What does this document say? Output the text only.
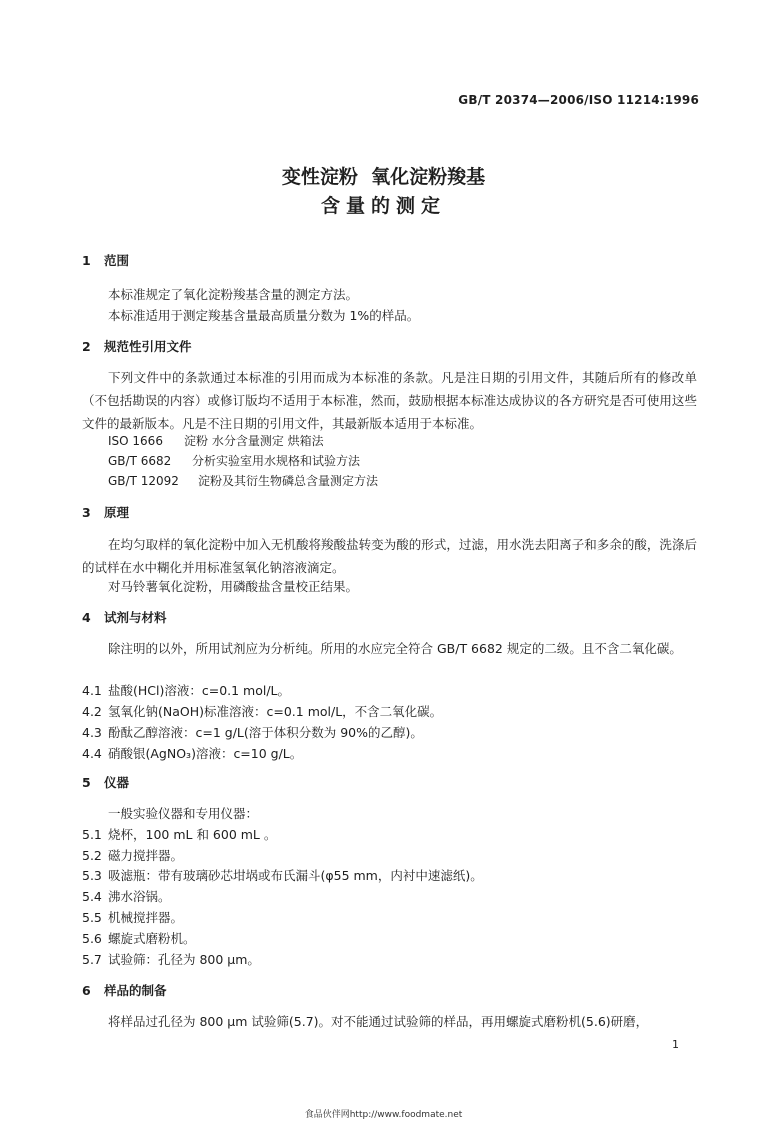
GB/T 20374—2006/ISO 11214:1996
变性淀粉  氧化淀粉羧基
含量的测定
1 范围
本标准规定了氧化淀粉羧基含量的测定方法。
本标准适用于测定羧基含量最高质量分数为 1%的样品。
2 规范性引用文件
下列文件中的条款通过本标准的引用而成为本标准的条款。凡是注日期的引用文件，其随后所有的修改单（不包括勘误的内容）或修订版均不适用于本标准，然而，鼓励根据本标准达成协议的各方研究是否可使用这些文件的最新版本。凡是不注日期的引用文件，其最新版本适用于本标准。
ISO 1666 淀粉 水分含量测定 烘箱法
GB/T 6682 分析实验室用水规格和试验方法
GB/T 12092 淀粉及其衍生物磷总含量测定方法
3 原理
在均匀取样的氧化淀粉中加入无机酸将羧酸盐转变为酸的形式，过滤，用水洗去阳离子和多余的酸，洗涤后的试样在水中糊化并用标准氢氧化钠溶液滴定。
对马铃薯氧化淀粉，用磷酸盐含量校正结果。
4 试剂与材料
除注明的以外，所用试剂应为分析纯。所用的水应完全符合 GB/T 6682 规定的二级。且不含二氧化碳。
4.1 盐酸(HCl)溶液：c=0.1 mol/L。
4.2 氢氧化钠(NaOH)标准溶液：c=0.1 mol/L，不含二氧化碳。
4.3 酚酞乙醇溶液：c=1 g/L(溶于体积分数为 90%的乙醇)。
4.4 硝酸银(AgNO₃)溶液：c=10 g/L。
5 仪器
一般实验仪器和专用仪器：
5.1 烧杯，100 mL 和 600 mL 。
5.2 磁力搅拌器。
5.3 吸滤瓶：带有玻璃砂芯坩埚或布氏漏斗(φ55 mm，内衬中速滤纸)。
5.4 沸水浴锅。
5.5 机械搅拌器。
5.6 螺旋式磨粉机。
5.7 试验筛：孔径为 800 μm。
6 样品的制备
将样品过孔径为 800 μm 试验筛(5.7)。对不能通过试验筛的样品，再用螺旋式磨粉机(5.6)研磨，
1
食品伙伴网http://www.foodmate.net
